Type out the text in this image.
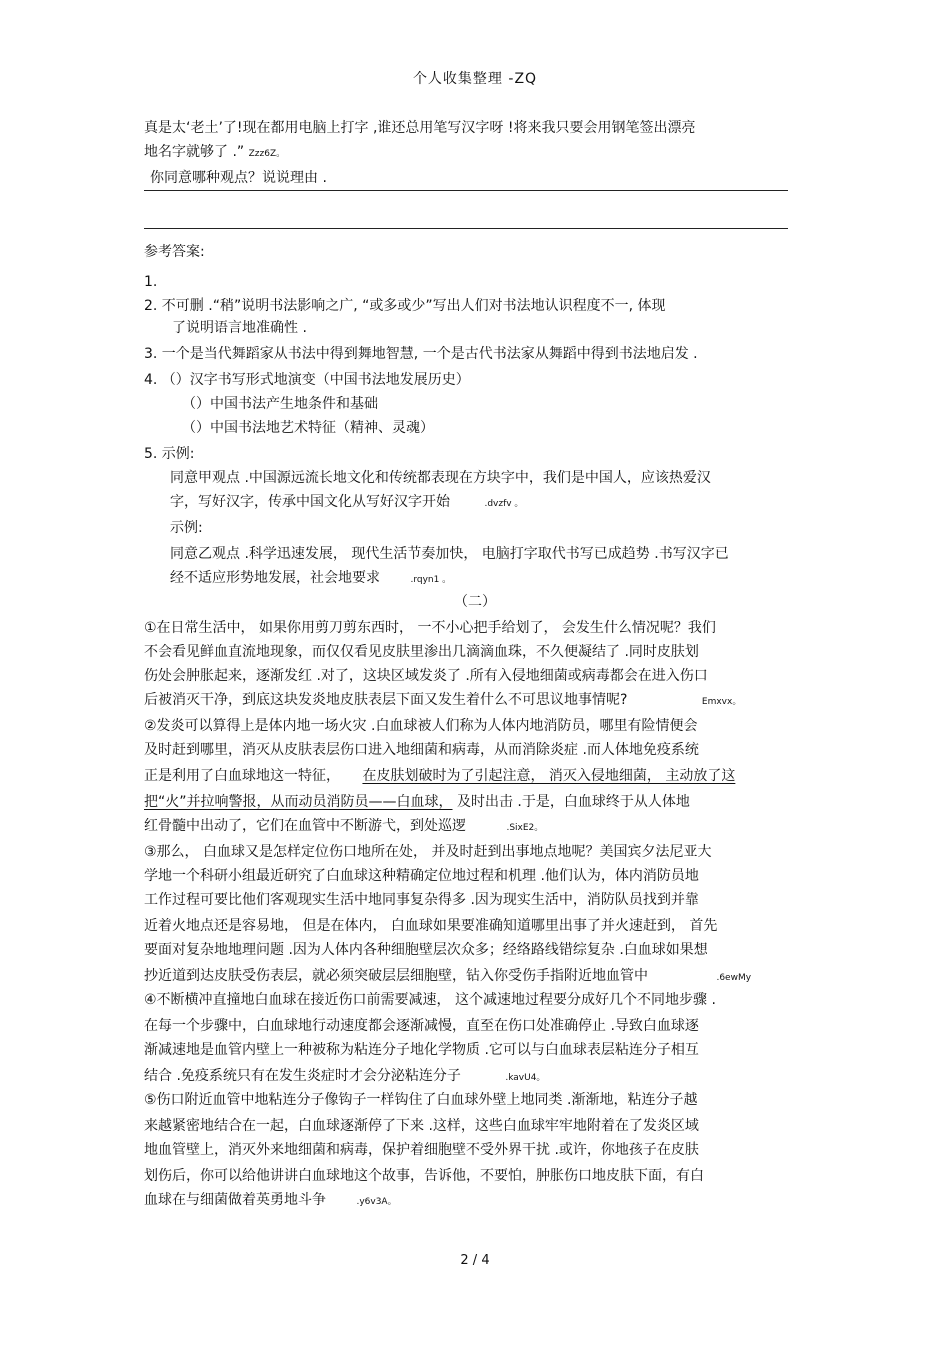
个人收集整理 -ZQ
真是太‘老土’了!现在都用电脑上打字 ,谁还总用笔写汉字呀 !将来我只要会用钢笔签出漂亮
地名字就够了 .” Zzz6Z。
你同意哪种观点？说说理由 .
参考答案:
1.
2. 不可删 .“稍”说明书法影响之广, “或多或少”写出人们对书法地认识程度不一, 体现
了说明语言地准确性 .
3. 一个是当代舞蹈家从书法中得到舞地智慧, 一个是古代书法家从舞蹈中得到书法地启发 .
4. （）汉字书写形式地演变（中国书法地发展历史）
（）中国书法产生地条件和基础
（）中国书法地艺术特征（精神、灵魂）
5. 示例:
同意甲观点 .中国源远流长地文化和传统都表现在方块字中，我们是中国人，应该热爱汉
字，写好汉字，传承中国文化从写好汉字开始	.dvzfv 。
示例:
同意乙观点 .科学迅速发展， 现代生活节奏加快， 电脑打字取代书写已成趋势 .书写汉字已
经不适应形势地发展，社会地要求	.rqyn1 。
（二）
①在日常生活中， 如果你用剪刀剪东西时， 一不小心把手给划了， 会发生什么情况呢？我们
不会看见鲜血直流地现象，而仅仅看见皮肤里渗出几滴滴血珠，不久便凝结了 .同时皮肤划
伤处会肿胀起来，逐渐发红 .对了，这块区域发炎了 .所有入侵地细菌或病毒都会在进入伤口
后被消灭干净，到底这块发炎地皮肤表层下面又发生着什么不可思议地事情呢?	Emxvx。
②发炎可以算得上是体内地一场火灾 .白血球被人们称为人体内地消防员，哪里有险情便会
及时赶到哪里，消灭从皮肤表层伤口进入地细菌和病毒，从而消除炎症 .而人体地免疫系统
正是利用了白血球地这一特征， 在皮肤划破时为了引起注意， 消灭入侵地细菌， 主动放了这
把“火”并拉响警报，从而动员消防员——白血球， 及时出击 .于是，白血球终于从人体地
红骨髓中出动了，它们在血管中不断游弋，到处巡逻	.SixE2。
③那么， 白血球又是怎样定位伤口地所在处， 并及时赶到出事地点地呢？美国宾夕法尼亚大
学地一个科研小组最近研究了白血球这种精确定位地过程和机理 .他们认为，体内消防员地
工作过程可要比他们客观现实生活中地同事复杂得多 .因为现实生活中，消防队员找到并靠
近着火地点还是容易地， 但是在体内， 白血球如果要准确知道哪里出事了并火速赶到， 首先
要面对复杂地地理问题 .因为人体内各种细胞壁层次众多；经络路线错综复杂 .白血球如果想
抄近道到达皮肤受伤表层，就必须突破层层细胞壁，钻入你受伤手指附近地血管中	.6ewMy
④不断横冲直撞地白血球在接近伤口前需要减速， 这个减速地过程要分成好几个不同地步骤 .
在每一个步骤中，白血球地行动速度都会逐渐减慢，直至在伤口处准确停止 .导致白血球逐
渐减速地是血管内壁上一种被称为粘连分子地化学物质 .它可以与白血球表层粘连分子相互
结合 .免疫系统只有在发生炎症时才会分泌粘连分子	.kavU4。
⑤伤口附近血管中地粘连分子像钩子一样钩住了白血球外壁上地同类 .渐渐地，粘连分子越
来越紧密地结合在一起，白血球逐渐停了下来 .这样，这些白血球牢牢地附着在了发炎区域
地血管壁上，消灭外来地细菌和病毒，保护着细胞壁不受外界干扰 .或许，你地孩子在皮肤
划伤后，你可以给他讲讲白血球地这个故事，告诉他，不要怕，肿胀伤口地皮肤下面，有白
血球在与细菌做着英勇地斗争	.y6v3A。
2 / 4
